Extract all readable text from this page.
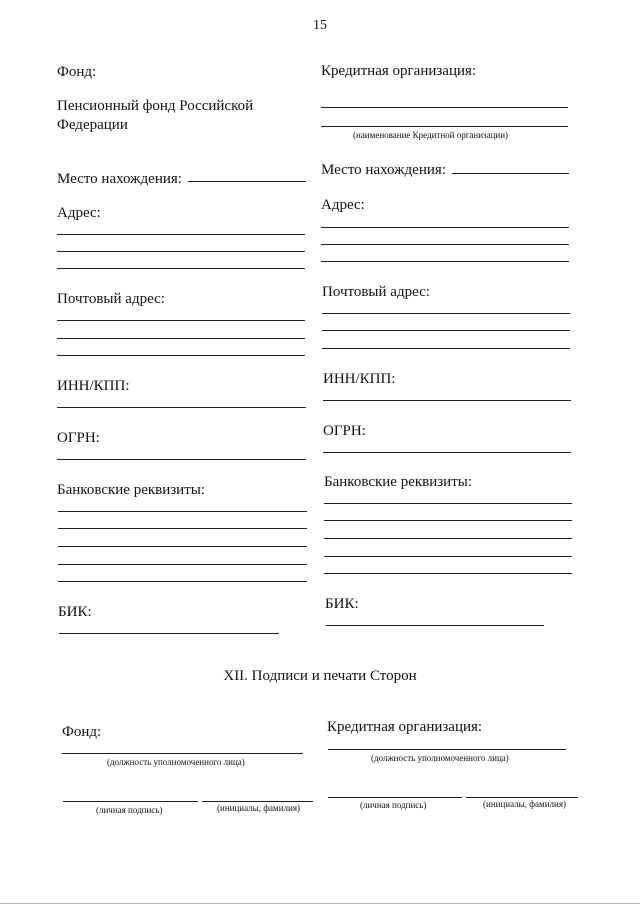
15
Фонд:
Пенсионный фонд Российской
Федерации
Место нахождения:
Адрес:
Почтовый адрес:
ИНН/КПП:
ОГРН:
Банковские реквизиты:
БИК:
Кредитная организация:
(наименование Кредитной организации)
Место нахождения:
Адрес:
Почтовый адрес:
ИНН/КПП:
ОГРН:
Банковские реквизиты:
БИК:
XII. Подписи и печати Сторон
Фонд:
(должность уполномоченного лица)
(личная подпись)	(инициалы, фамилия)
Кредитная организация:
(должность уполномоченного лица)
(личная подпись)	(инициалы, фамилия)
